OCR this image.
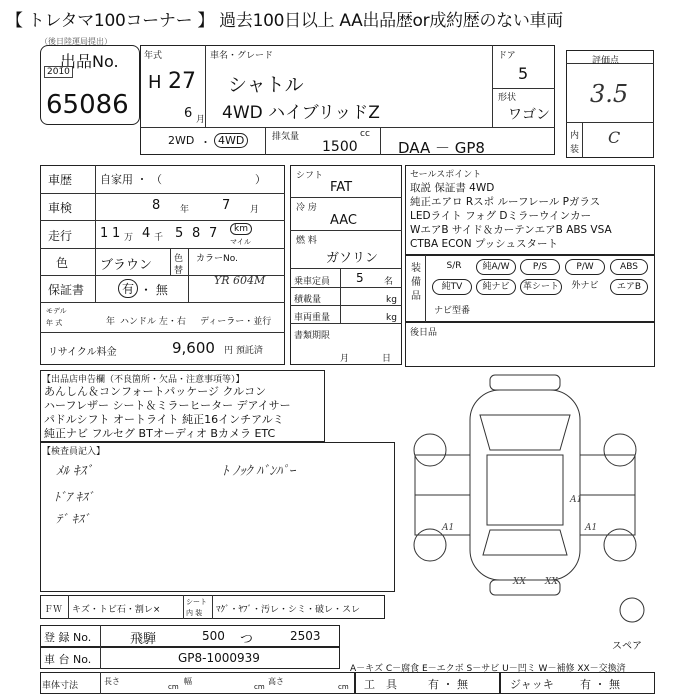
【 トレタマ100コーナー 】 過去100日以上 AA出品歴or成約歴のない車両
（後日陸運局提出）
出品No.
2010
65086
年式
H 27
6 月
車名・グレード
シャトル
4WD ハイブリッドZ
ドア
5
形状
ワゴン
評価点
3.5
内
装
C
2WD ・ 4WD	排気量	cc
1500	DAA － GP8
車歴	自家用 ・ （	）
車検	8 年	7 月
走行 1 1 万 4 千 5 8 7	km
マイル
色 ブラウン 色
替
カラーNo.
YR 604M
保証書	有 ・ 無
モデル
年 式	年 ハンドル 左・右 ディーラー・並行
リサイクル料金	9,600 円 預託済
シフト
FAT
冷 房
AAC
燃 料
ガソリン
乗車定員 5 名
積載量	kg
車両重量	kg
書類期限
月	日
セールスポイント
取説 保証書 4WD
純正エアロ Rスポ ルーフレール Pガラス
LEDライト フォグ Dミラーウインカー
WエアB サイド＆カーテンエアB ABS VSA
CTBA ECON プッシュスタート
装 備 品
S/R	純A/W	P/S	P/W	ABS
純TV	純ナビ	革シート	外ナビ	エアB
ナビ型番
後日品
【出品店申告欄（不良箇所・欠品・注意事項等）】
あんしん＆コンフォートパッケージ クルコン
ハーフレザー シート＆ミラーヒーター デアイサー
パドルシフト オートライト 純正16インチアルミ
純正ナビ フルセグ BTオーディオ Bカメラ ETC
【検査員記入】
ﾒﾙ ｷｽﾞ
ﾄﾞｱ ｷｽﾞ
ﾃﾞ ｷｽﾞ
ﾄ ﾉｯｸ ﾊﾞﾝﾊﾟｰ
A1	A1
A1
XX XX
スペア
ＦＷ キズ・トビ石・割レ×
シート
内 装 ﾏｸﾞ・ﾔﾌﾞ・汚レ・シミ・破レ・スレ
登 録 No.	飛騨	500 つ	2503
車 台 No.	GP8-1000939
A－キズ C－腐食 E－エクボ S－サビ U－凹ミ W－補修 XX－交換済
車体寸法	長さ
cm
幅
cm
高さ
cm 工　具	有 ・ 無	ジャッキ 有 ・ 無
